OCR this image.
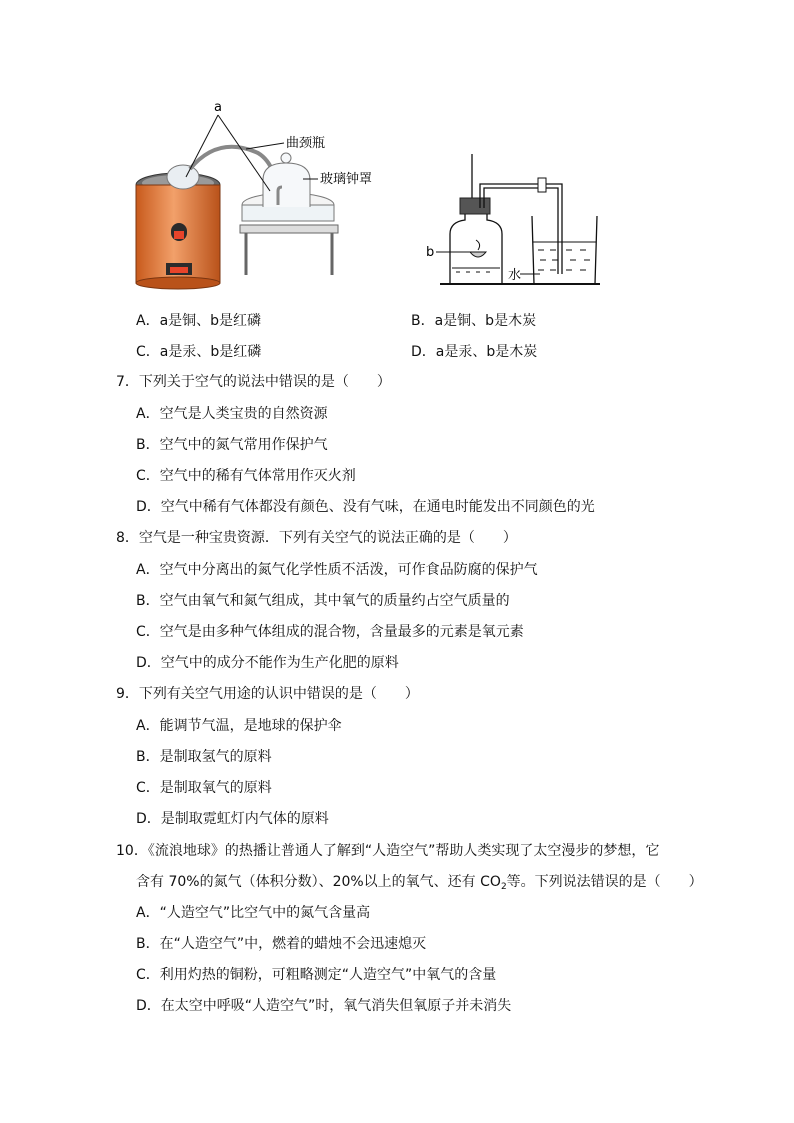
a
曲颈瓶
玻璃钟罩
b
水
A．a是铜、b是红磷	B．a是铜、b是木炭
C．a是汞、b是红磷	D．a是汞、b是木炭
7．下列关于空气的说法中错误的是（　　）
A．空气是人类宝贵的自然资源
B．空气中的氮气常用作保护气
C．空气中的稀有气体常用作灭火剂
D．空气中稀有气体都没有颜色、没有气味，在通电时能发出不同颜色的光
8．空气是一种宝贵资源．下列有关空气的说法正确的是（　　）
A．空气中分离出的氮气化学性质不活泼，可作食品防腐的保护气
B．空气由氧气和氮气组成，其中氧气的质量约占空气质量的
C．空气是由多种气体组成的混合物，含量最多的元素是氧元素
D．空气中的成分不能作为生产化肥的原料
9．下列有关空气用途的认识中错误的是（　　）
A．能调节气温，是地球的保护伞
B．是制取氢气的原料
C．是制取氧气的原料
D．是制取霓虹灯内气体的原料
10．《流浪地球》的热播让普通人了解到“人造空气”帮助人类实现了太空漫步的梦想，它
含有 70%的氮气（体积分数）、20%以上的氧气、还有 $CO_2$等。下列说法错误的是（　　）
A．“人造空气”比空气中的氮气含量高
B．在“人造空气”中，燃着的蜡烛不会迅速熄灭
C．利用灼热的铜粉，可粗略测定“人造空气”中氧气的含量
D．在太空中呼吸“人造空气”时，氧气消失但氧原子并未消失
